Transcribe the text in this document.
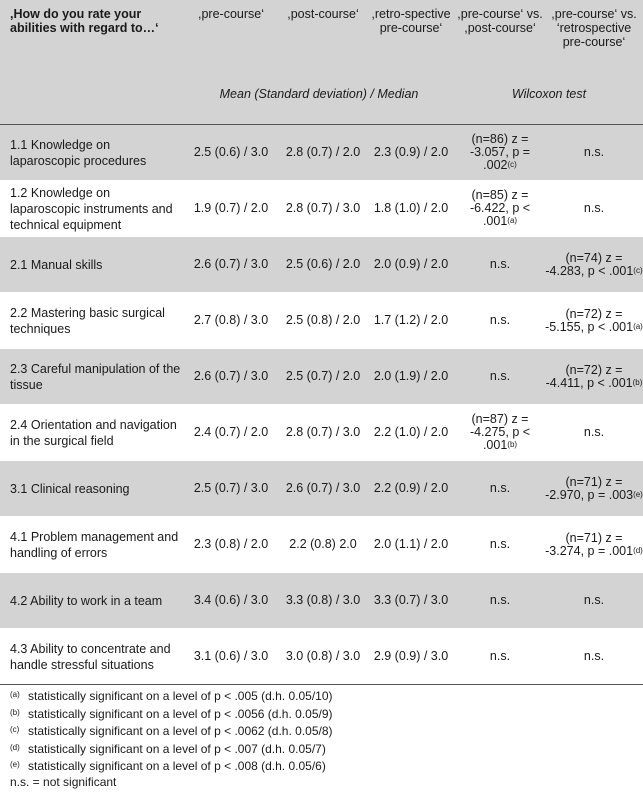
,How do you rate your abilities with regard to…‘	,pre-course‘	,post-course‘	,retro-spective pre-course‘	,pre-course‘ vs. ,post-course‘	,pre-course‘ vs. ‘retrospective pre-course‘
	Mean (Standard deviation) / Median			Wilcoxon test	
1.1 Knowledge on laparoscopic procedures	2.5 (0.6) / 3.0	2.8 (0.7) / 2.0	2.3 (0.9) / 2.0	(n=86) z = -3.057, $p = .002^{(c)}$	n.s.
1.2 Knowledge on laparoscopic instruments and technical equipment	1.9 (0.7) / 2.0	2.8 (0.7) / 3.0	1.8 (1.0) / 2.0	(n=85) z = -6.422, $p < .001^{(a)}$	n.s.
2.1 Manual skills	2.6 (0.7) / 3.0	2.5 (0.6) / 2.0	2.0 (0.9) / 2.0	n.s.	(n=74) z = -4.283, $p < .001^{(c)}$
2.2 Mastering basic surgical techniques	2.7 (0.8) / 3.0	2.5 (0.8) / 2.0	1.7 (1.2) / 2.0	n.s.	(n=72) z = -5.155, $p < .001^{(a)}$
2.3 Careful manipulation of the tissue	2.6 (0.7) / 3.0	2.5 (0.7) / 2.0	2.0 (1.9) / 2.0	n.s.	(n=72) z = -4.411, $p < .001^{(b)}$
2.4 Orientation and navigation in the surgical field	2.4 (0.7) / 2.0	2.8 (0.7) / 3.0	2.2 (1.0) / 2.0	(n=87) z = -4.275, $p < .001^{(b)}$	n.s.
3.1 Clinical reasoning	2.5 (0.7) / 3.0	2.6 (0.7) / 3.0	2.2 (0.9) / 2.0	n.s.	(n=71) z = -2.970, $p = .003^{(e)}$
4.1 Problem management and handling of errors	2.3 (0.8) / 2.0	2.2 (0.8) 2.0	2.0 (1.1) / 2.0	n.s.	(n=71) z = -3.274, $p = .001^{(d)}$
4.2 Ability to work in a team	3.4 (0.6) / 3.0	3.3 (0.8) / 3.0	3.3 (0.7) / 3.0	n.s.	n.s.
4.3 Ability to concentrate and handle stressful situations	3.1 (0.6) / 3.0	3.0 (0.8) / 3.0	2.9 (0.9) / 3.0	n.s.	n.s.
(a) statistically significant on a level of p < .005 (d.h. 0.05/10)
(b) statistically significant on a level of p < .0056 (d.h. 0.05/9)
(c) statistically significant on a level of p < .0062 (d.h. 0.05/8)
(d) statistically significant on a level of p < .007 (d.h. 0.05/7)
(e) statistically significant on a level of p < .008 (d.h. 0.05/6)
n.s. = not significant
